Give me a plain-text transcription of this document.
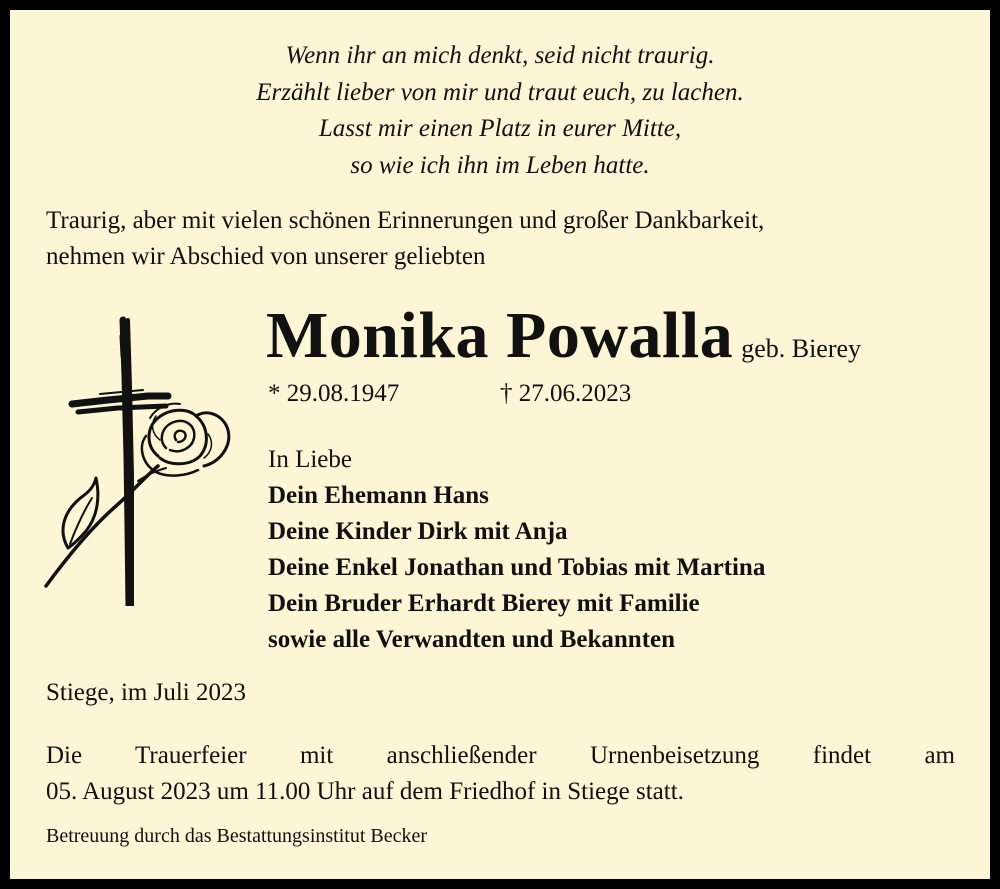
Wenn ihr an mich denkt, seid nicht traurig.
Erzählt lieber von mir und traut euch, zu lachen.
Lasst mir einen Platz in eurer Mitte,
so wie ich ihn im Leben hatte.
Traurig, aber mit vielen schönen Erinnerungen und großer Dankbarkeit,
nehmen wir Abschied von unserer geliebten
Monika Powalla geb. Bierey
* 29.08.1947	† 27.06.2023
In Liebe
Dein Ehemann Hans
Deine Kinder Dirk mit Anja
Deine Enkel Jonathan und Tobias mit Martina
Dein Bruder Erhardt Bierey mit Familie
sowie alle Verwandten und Bekannten
Stiege, im Juli 2023
Die Trauerfeier mit anschließender Urnenbeisetzung findet am
05. August 2023 um 11.00 Uhr auf dem Friedhof in Stiege statt.
Betreuung durch das Bestattungsinstitut Becker
